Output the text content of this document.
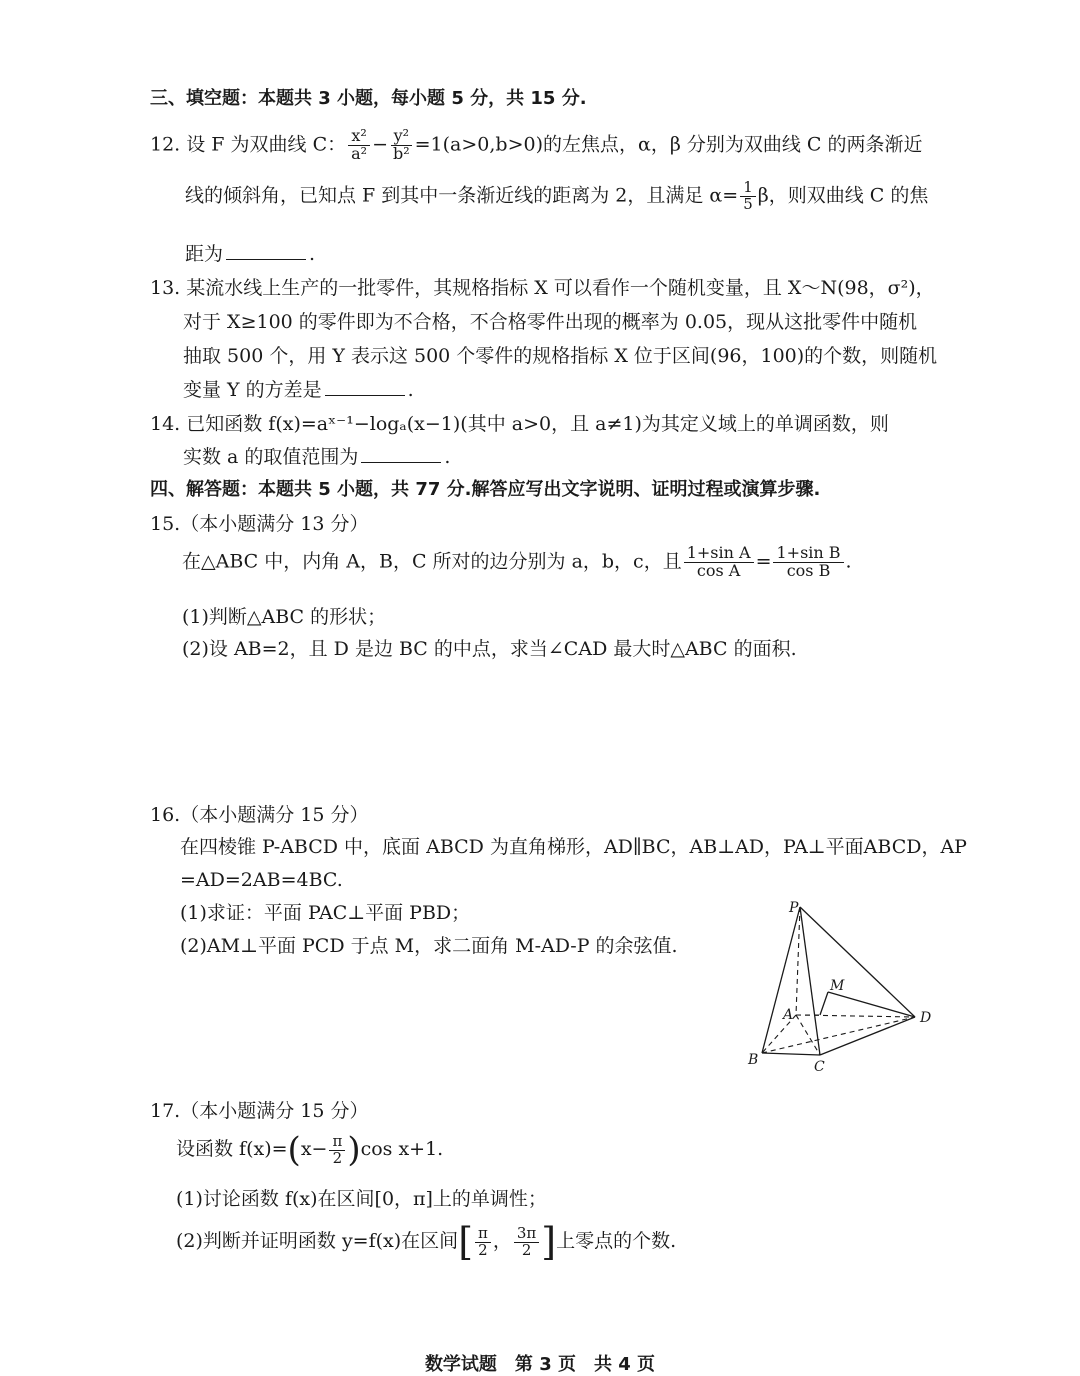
三、填空题：本题共 3 小题，每小题 5 分，共 15 分.
12. 设 F 为双曲线 C： $\frac{\text{x²}}{\text{a²}} - \frac{\text{y²}}{\text{b²}} =1(a>0,b>0)$的左焦点，α，β 分别为双曲线 C 的两条渐近
线的倾斜角，已知点 F 到其中一条渐近线的距离为 2，且满足 $\alpha= \frac{1}{5}$ β，则双曲线 C 的焦
距为	.
13. 某流水线上生产的一批零件，其规格指标 X 可以看作一个随机变量，且 X～N(98，σ²)，
对于 X≥100 的零件即为不合格，不合格零件出现的概率为 0.05，现从这批零件中随机
抽取 500 个，用 Y 表示这 500 个零件的规格指标 X 位于区间(96，100)的个数，则随机
变量 Y 的方差是	.
14. 已知函数 f(x)=aˣ⁻¹−logₐ(x−1)(其中 a>0，且 a≠1)为其定义域上的单调函数，则
实数 a 的取值范围为	.
四、解答题：本题共 5 小题，共 77 分.解答应写出文字说明、证明过程或演算步骤.
15.（本小题满分 13 分）
在△ABC 中，内角 A，B，C 所对的边分别为 a，b，c，且 $\frac{\text{1+sin A}}{\text{cos A}} = \frac{\text{1+sin B}}{\text{cos B}}$ .
(1)判断△ABC 的形状；
(2)设 AB=2，且 D 是边 BC 的中点，求当∠CAD 最大时△ABC 的面积.
16.（本小题满分 15 分）
在四棱锥 P-ABCD 中，底面 ABCD 为直角梯形，AD∥BC，AB⊥AD，PA⊥平面ABCD，AP
=AD=2AB=4BC.
(1)求证：平面 PAC⊥平面 PBD；
(2)AM⊥平面 PCD 于点 M，求二面角 M-AD-P 的余弦值.
P
M
A	D
B	C
17.（本小题满分 15 分）
设函数 $f(x)=(x- \frac{\pi}{2} )\cos$ x+1.
(1)讨论函数 f(x)在区间[0，π]上的单调性；
(2)判断并证明函数 y=f(x)在区间[ $\frac{\pi}{2}$ ， $\frac{3\pi}{2}$ ]上零点的个数.
数学试题　第 3 页　共 4 页
